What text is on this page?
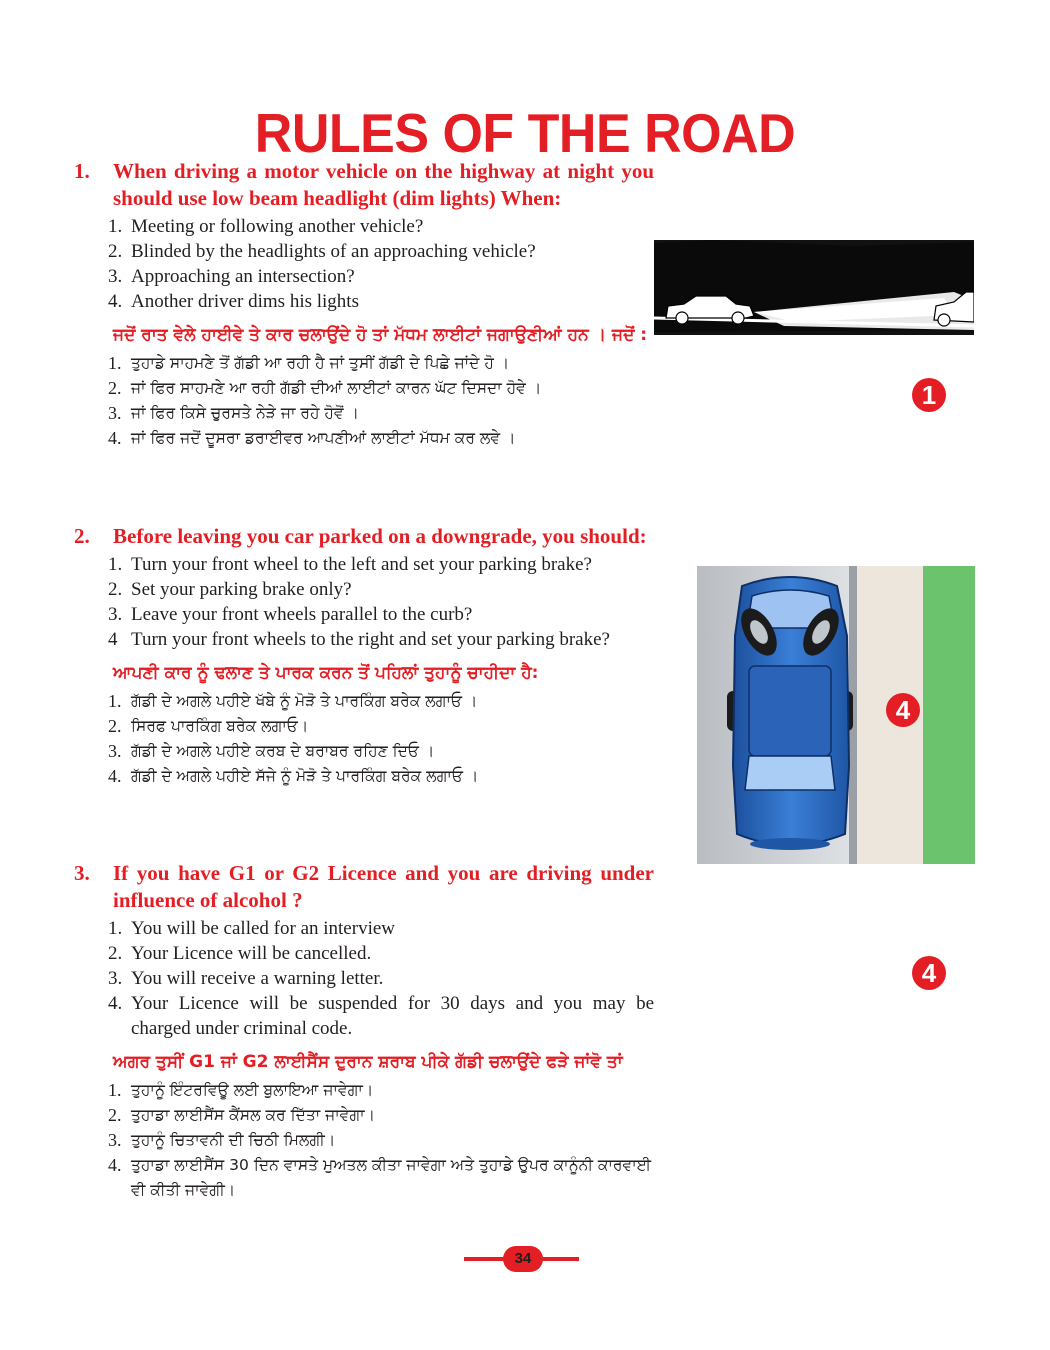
RULES OF THE ROAD
1.	When driving a motor vehicle on the highway at night you should use low beam headlight (dim lights) When:
1. Meeting or following another vehicle?
2. Blinded by the headlights of an approaching vehicle?
3. Approaching an intersection?
4. Another driver dims his lights
ਜਦੋਂ ਰਾਤ ਵੇਲੇ ਹਾਈਵੇ ਤੇ ਕਾਰ ਚਲਾਉਂਦੇ ਹੋ ਤਾਂ ਮੱਧਮ ਲਾਈਟਾਂ ਜਗਾਉਣੀਆਂ ਹਨ । ਜਦੋਂ :
1. ਤੁਹਾਡੇ ਸਾਹਮਣੇ ਤੋਂ ਗੱਡੀ ਆ ਰਹੀ ਹੈ ਜਾਂ ਤੁਸੀਂ ਗੱਡੀ ਦੇ ਪਿਛੇ ਜਾਂਦੇ ਹੋ ।
2. ਜਾਂ ਫਿਰ ਸਾਹਮਣੇ ਆ ਰਹੀ ਗੱਡੀ ਦੀਆਂ ਲਾਈਟਾਂ ਕਾਰਨ ਘੱਟ ਦਿਸਦਾ ਹੋਵੇ ।
3. ਜਾਂ ਫਿਰ ਕਿਸੇ ਚੁਰਸਤੇ ਨੇੜੇ ਜਾ ਰਹੇ ਹੋਵੋਂ ।
4. ਜਾਂ ਫਿਰ ਜਦੋਂ ਦੂਸਰਾ ਡਰਾਈਵਰ ਆਪਣੀਆਂ ਲਾਈਟਾਂ ਮੱਧਮ ਕਰ ਲਵੇ ।
1
2.	Before leaving you car parked on a downgrade, you should:
1. Turn your front wheel to the left and set your parking brake?
2. Set your parking brake only?
3. Leave your front wheels parallel to the curb?
4 Turn your front wheels to the right and set your parking brake?
ਆਪਣੀ ਕਾਰ ਨੂੰ ਢਲਾਣ ਤੇ ਪਾਰਕ ਕਰਨ ਤੋਂ ਪਹਿਲਾਂ ਤੁਹਾਨੂੰ ਚਾਹੀਦਾ ਹੈ:
1. ਗੱਡੀ ਦੇ ਅਗਲੇ ਪਹੀਏ ਖੱਬੇ ਨੂੰ ਮੋੜੋ ਤੇ ਪਾਰਕਿੰਗ ਬਰੇਕ ਲਗਾਓ ।
2. ਸਿਰਫ ਪਾਰਕਿੰਗ ਬਰੇਕ ਲਗਾਓ।
3. ਗੱਡੀ ਦੇ ਅਗਲੇ ਪਹੀਏ ਕਰਬ ਦੇ ਬਰਾਬਰ ਰਹਿਣ ਦਿਓ ।
4. ਗੱਡੀ ਦੇ ਅਗਲੇ ਪਹੀਏ ਸੱਜੇ ਨੂੰ ਮੋੜੋ ਤੇ ਪਾਰਕਿੰਗ ਬਰੇਕ ਲਗਾਓ ।
4
3.	If you have G1 or G2 Licence and you are driving under influence of alcohol ?
1. You will be called for an interview
2. Your Licence will be cancelled.
3. You will receive a warning letter.
4. Your Licence will be suspended for 30 days and you may be charged under criminal code.
ਅਗਰ ਤੁਸੀਂ G1 ਜਾਂ G2 ਲਾਈਸੈਂਸ ਦੁਰਾਨ ਸ਼ਰਾਬ ਪੀਕੇ ਗੱਡੀ ਚਲਾਉਂਦੇ ਫੜੇ ਜਾਂਵੋ ਤਾਂ
1. ਤੁਹਾਨੂੰ ਇੰਟਰਵਿਊ ਲਈ ਬੁਲਾਇਆ ਜਾਵੇਗਾ।
2. ਤੁਹਾਡਾ ਲਾਈਸੈਂਸ ਕੈਂਸਲ ਕਰ ਦਿੱਤਾ ਜਾਵੇਗਾ।
3. ਤੁਹਾਨੂੰ ਚਿਤਾਵਨੀ ਦੀ ਚਿਠੀ ਮਿਲਗੀ।
4. ਤੁਹਾਡਾ ਲਾਈਸੈਂਸ 30 ਦਿਨ ਵਾਸਤੇ ਮੁਅਤਲ ਕੀਤਾ ਜਾਵੇਗਾ ਅਤੇ ਤੁਹਾਡੇ ਉਪਰ ਕਾਨੂੰਨੀ ਕਾਰਵਾਈ ਵੀ ਕੀਤੀ ਜਾਵੇਗੀ।
4
34
